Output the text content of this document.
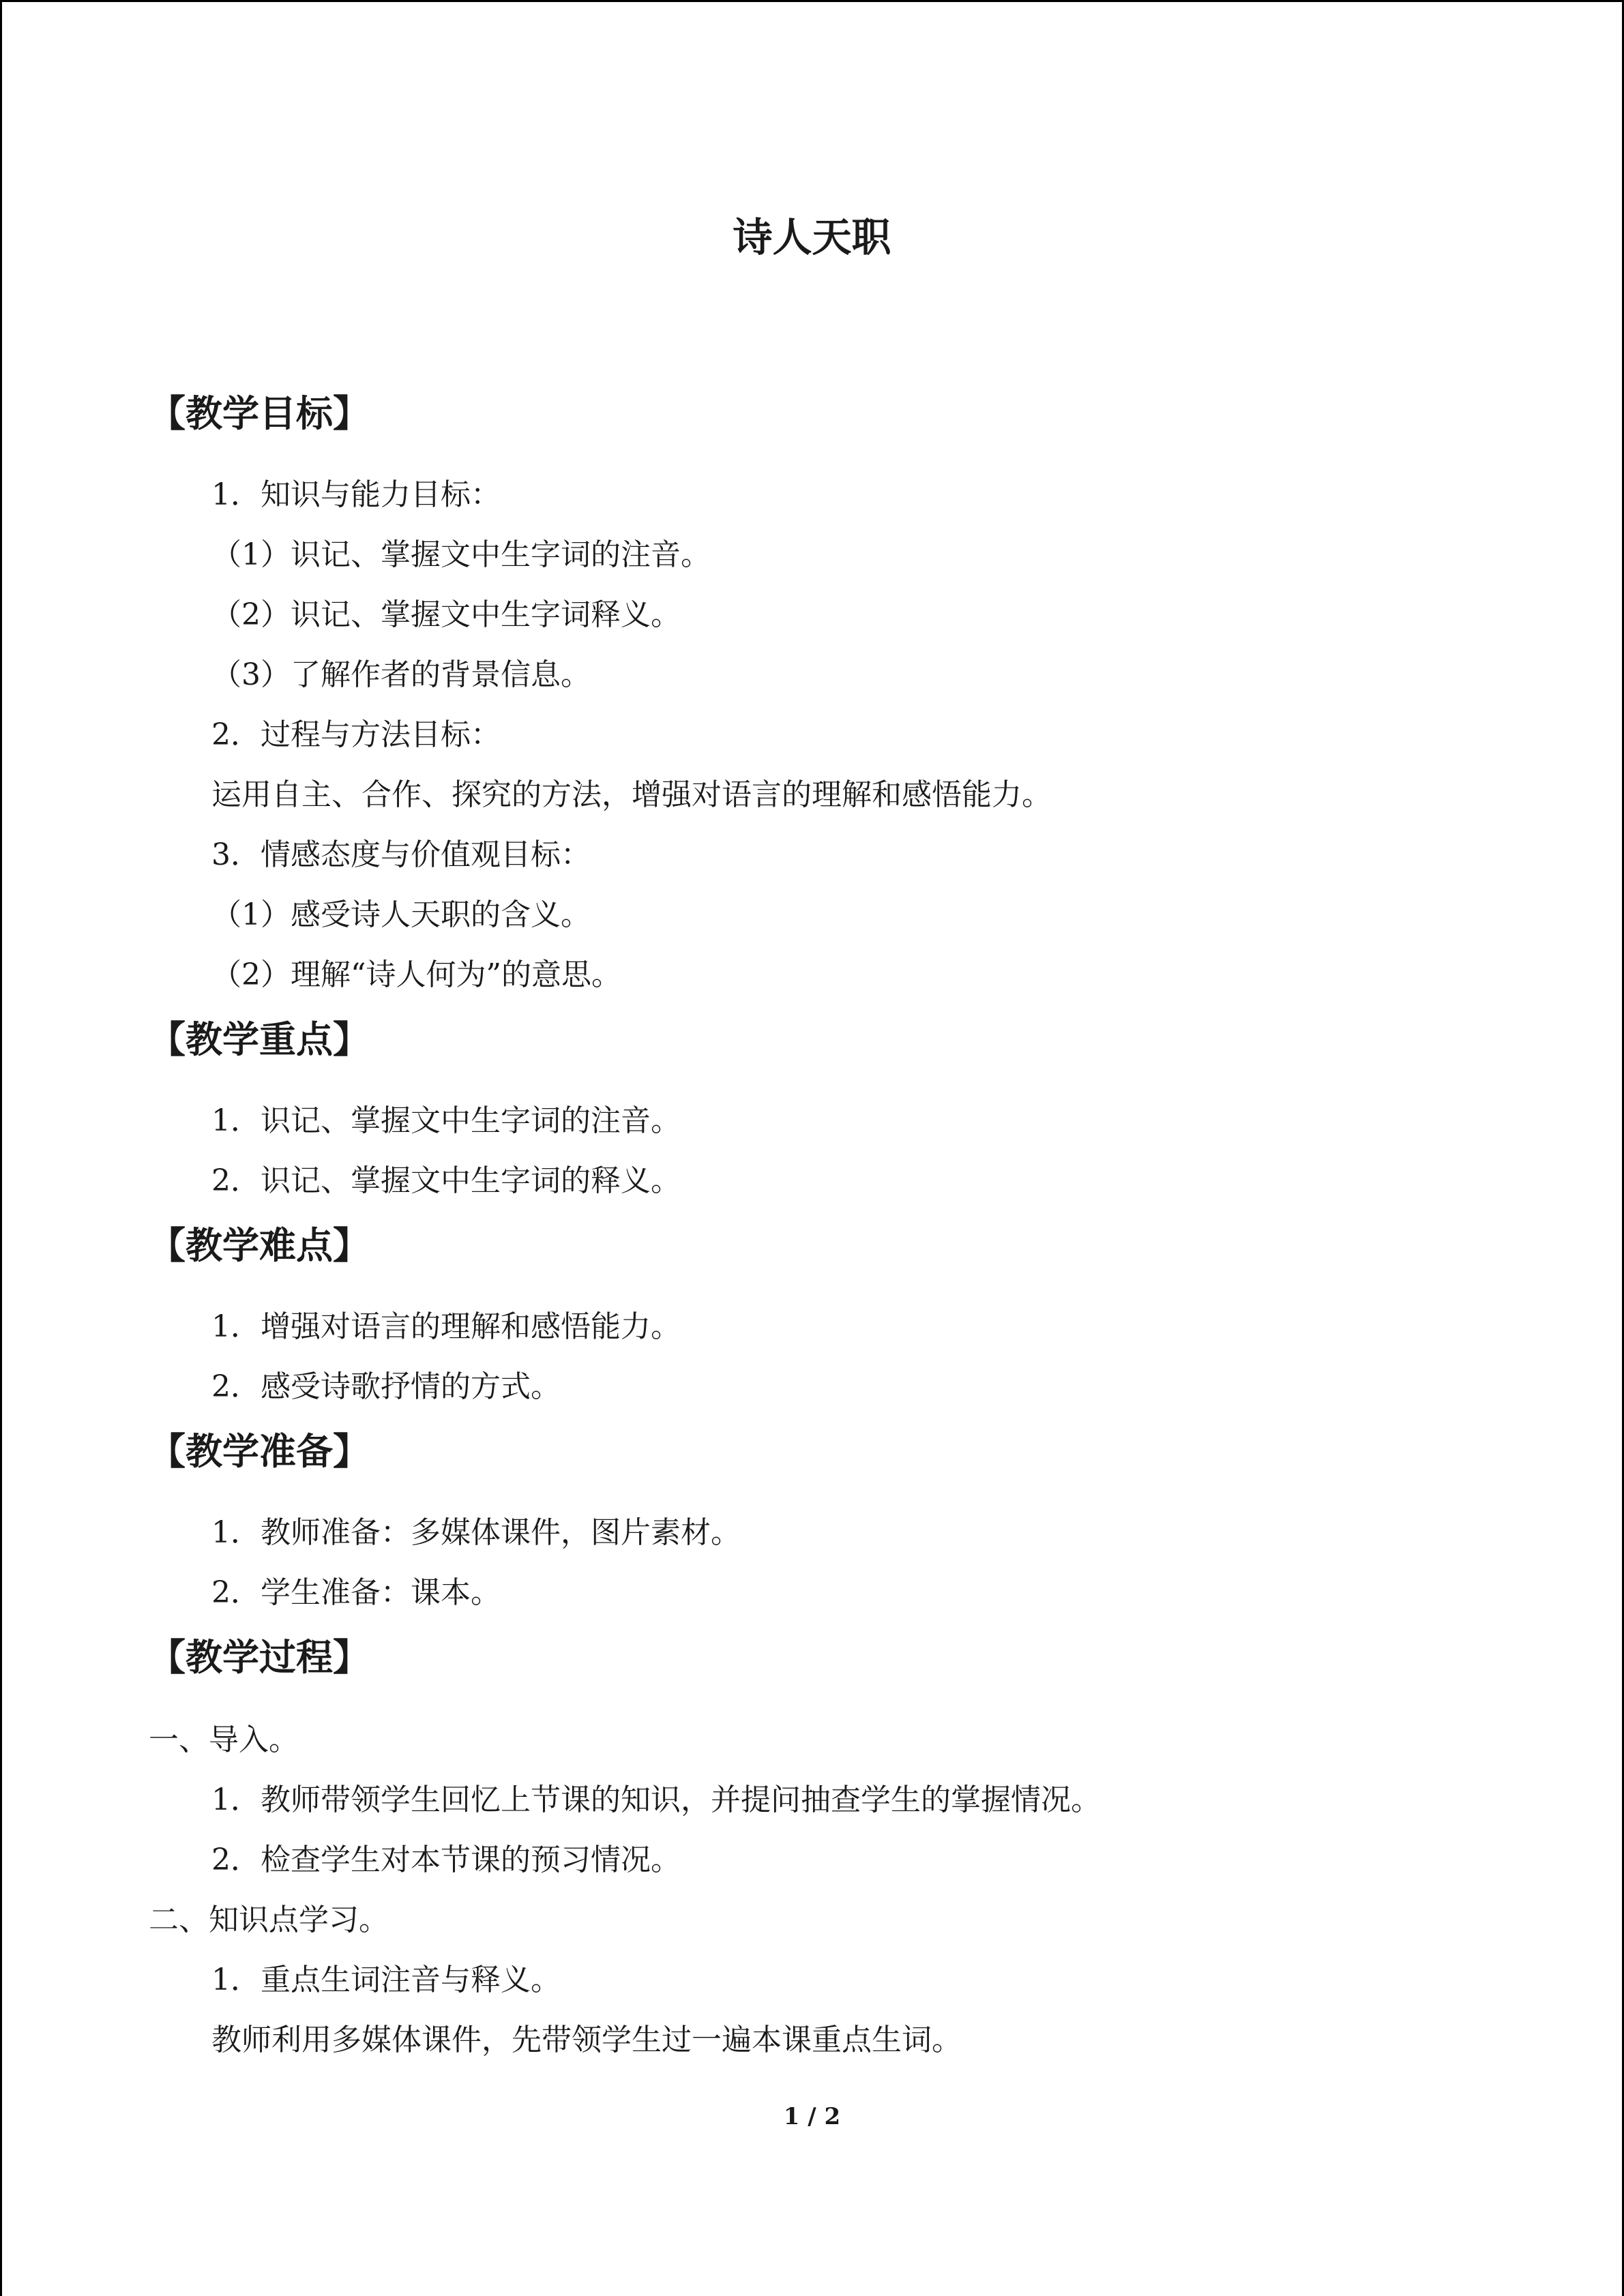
诗人天职
【教学目标】
1．知识与能力目标：
（1）识记、掌握文中生字词的注音。
（2）识记、掌握文中生字词释义。
（3）了解作者的背景信息。
2．过程与方法目标：
运用自主、合作、探究的方法，增强对语言的理解和感悟能力。
3．情感态度与价值观目标：
（1）感受诗人天职的含义。
（2）理解“诗人何为”的意思。
【教学重点】
1．识记、掌握文中生字词的注音。
2．识记、掌握文中生字词的释义。
【教学难点】
1．增强对语言的理解和感悟能力。
2．感受诗歌抒情的方式。
【教学准备】
1．教师准备：多媒体课件，图片素材。
2．学生准备：课本。
【教学过程】
一、导入。
1．教师带领学生回忆上节课的知识，并提问抽查学生的掌握情况。
2．检查学生对本节课的预习情况。
二、知识点学习。
1．重点生词注音与释义。
教师利用多媒体课件，先带领学生过一遍本课重点生词。
1 / 2
